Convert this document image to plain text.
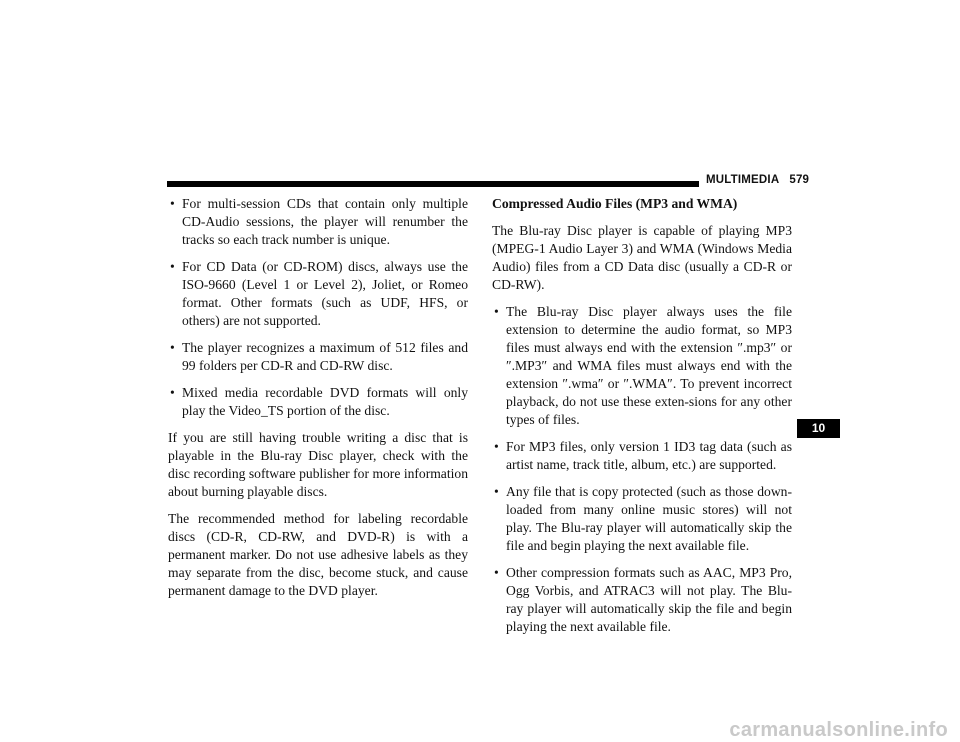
MULTIMEDIA 579
• For multi-session CDs that contain only multiple CD-Audio sessions, the player will renumber the tracks so each track number is unique.
• For CD Data (or CD-ROM) discs, always use the ISO-9660 (Level 1 or Level 2), Joliet, or Romeo format. Other formats (such as UDF, HFS, or others) are not supported.
• The player recognizes a maximum of 512 files and 99 folders per CD-R and CD-RW disc.
• Mixed media recordable DVD formats will only play the Video_TS portion of the disc.

If you are still having trouble writing a disc that is playable in the Blu-ray Disc player, check with the disc recording software publisher for more information about burning playable discs.

The recommended method for labeling recordable discs (CD-R, CD-RW, and DVD-R) is with a permanent marker. Do not use adhesive labels as they may separate from the disc, become stuck, and cause permanent damage to the DVD player.

Compressed Audio Files (MP3 and WMA)

The Blu-ray Disc player is capable of playing MP3 (MPEG-1 Audio Layer 3) and WMA (Windows Media Audio) files from a CD Data disc (usually a CD-R or CD-RW).

• The Blu-ray Disc player always uses the file extension to determine the audio format, so MP3 files must always end with the extension ″.mp3″ or ″.MP3″ and WMA files must always end with the extension ″.wma″ or ″.WMA″. To prevent incorrect playback, do not use these exten-sions for any other types of files.
• For MP3 files, only version 1 ID3 tag data (such as artist name, track title, album, etc.) are supported.
• Any file that is copy protected (such as those down-loaded from many online music stores) will not play. The Blu-ray player will automatically skip the file and begin playing the next available file.
• Other compression formats such as AAC, MP3 Pro, Ogg Vorbis, and ATRAC3 will not play. The Blu-ray player will automatically skip the file and begin playing the next available file.
10
carmanualsonline.info
